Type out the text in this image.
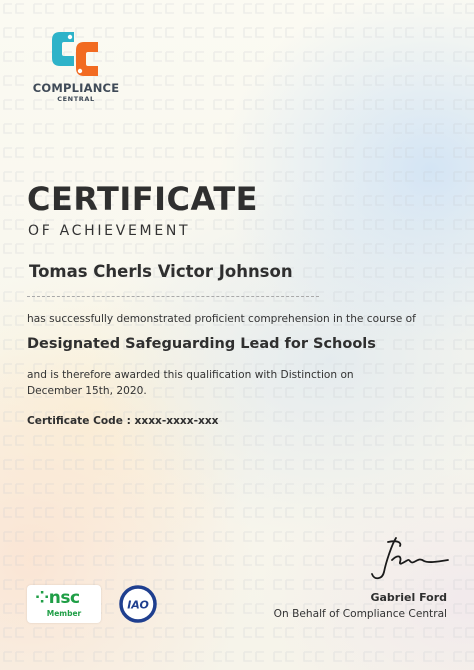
COMPLIANCE
CENTRAL
CERTIFICATE
OF ACHIEVEMENT
Tomas Cherls Victor Johnson
has successfully demonstrated proficient comprehension in the course of
Designated Safeguarding Lead for Schools
and is therefore awarded this qualification with Distinction on December 15th, 2020.
Certificate Code : xxxx-xxxx-xxx
Gabriel Ford
On Behalf of Compliance Central
⁘nsc
Member
IAO
